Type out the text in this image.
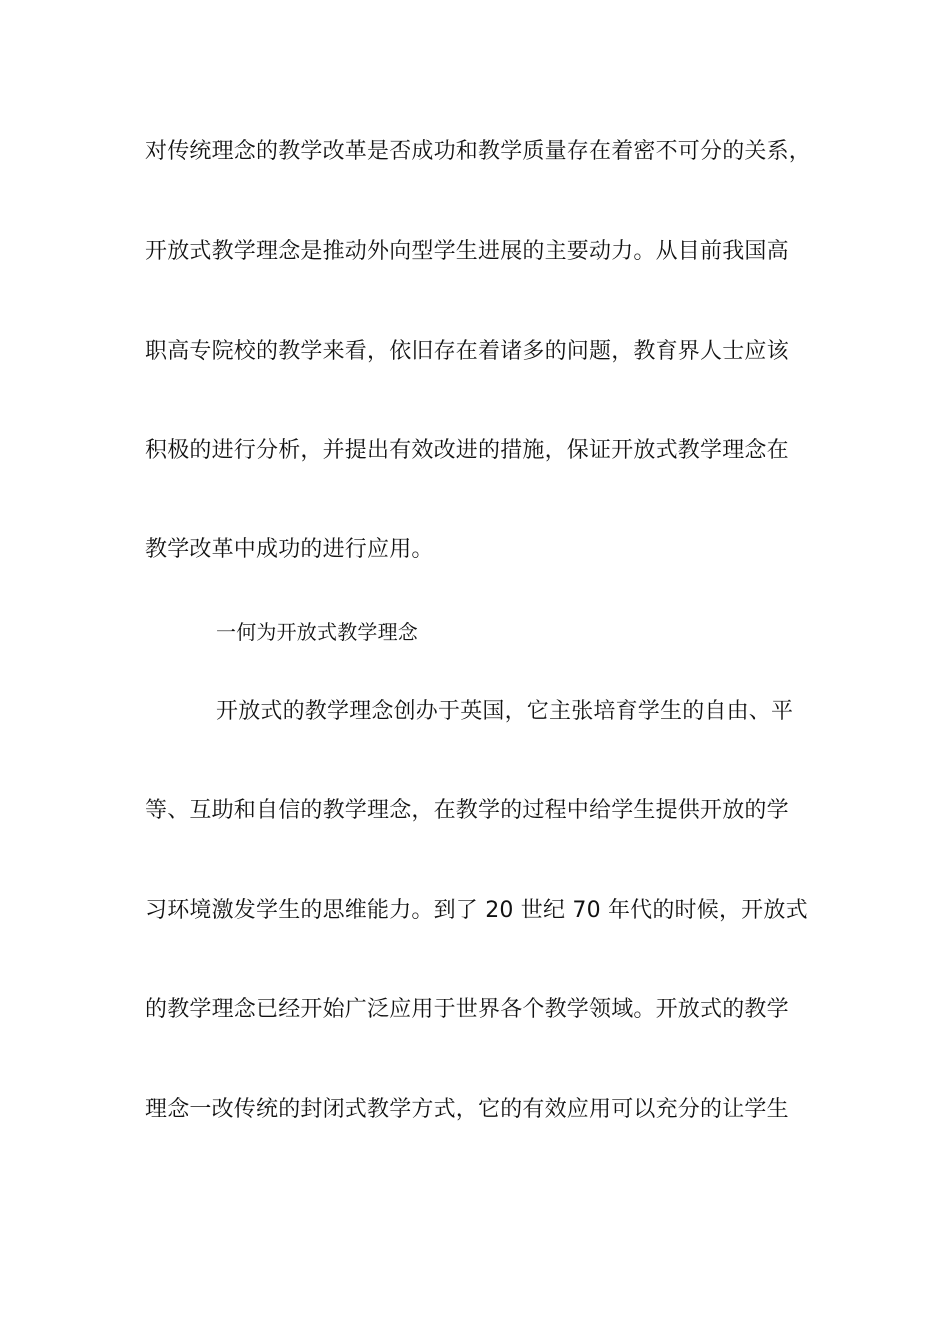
对传统理念的教学改革是否成功和教学质量存在着密不可分的关系，
开放式教学理念是推动外向型学生进展的主要动力。从目前我国高
职高专院校的教学来看，依旧存在着诸多的问题，教育界人士应该
积极的进行分析，并提出有效改进的措施，保证开放式教学理念在
教学改革中成功的进行应用。
一何为开放式教学理念
开放式的教学理念创办于英国，它主张培育学生的自由、平
等、互助和自信的教学理念，在教学的过程中给学生提供开放的学
习环境激发学生的思维能力。到了 20 世纪 70 年代的时候，开放式
的教学理念已经开始广泛应用于世界各个教学领域。开放式的教学
理念一改传统的封闭式教学方式，它的有效应用可以充分的让学生
